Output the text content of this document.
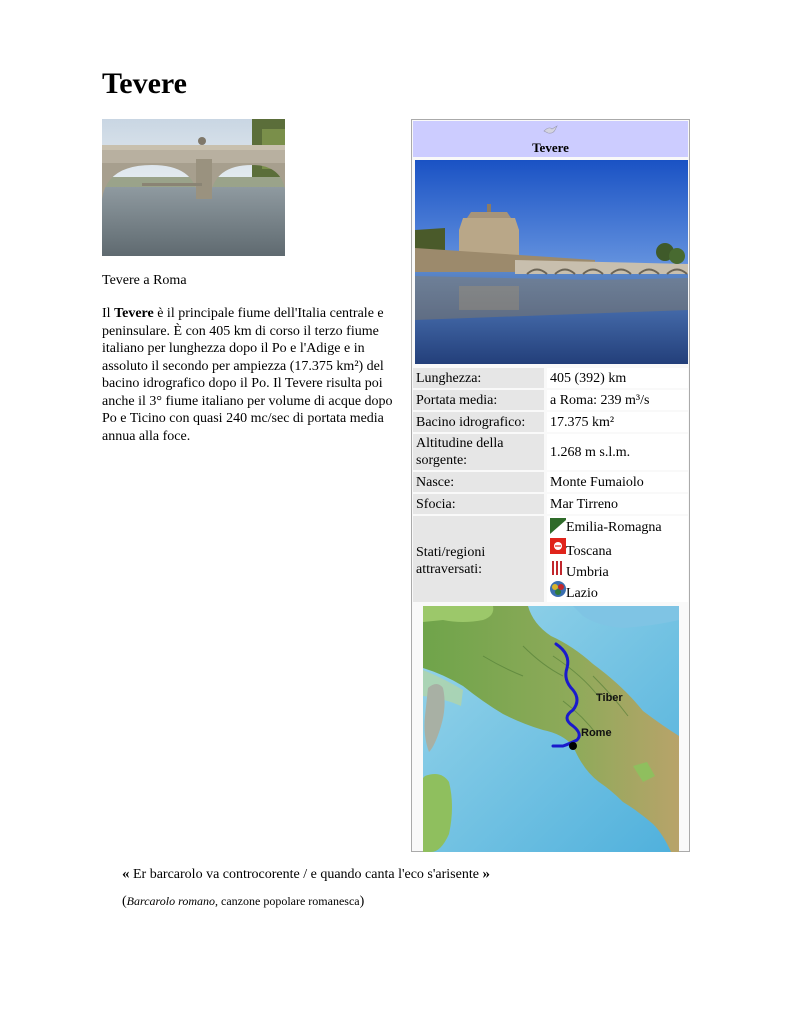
Tevere
Tevere a Roma

Il Tevere è il principale fiume dell'Italia centrale e peninsulare. È con 405 km di corso il terzo fiume italiano per lunghezza dopo il Po e l'Adige e in assoluto il secondo per ampiezza (17.375 km²) del bacino idrografico dopo il Po. Il Tevere risulta poi anche il 3° fiume italiano per volume di acque dopo Po e Ticino con quasi 240 mc/sec di portata media annua alla foce.

Tevere
Lunghezza:	405 (392) km
Portata media:	a Roma: 239 m³/s
Bacino idrografico: 17.375 km²
Altitudine della sorgente:
1.268 m s.l.m.
Nasce:	Monte Fumaiolo
Sfocia:	Mar Tirreno
Stati/regioni attraversati:
Emilia-Romagna
Toscana
Umbria
Lazio
Tiber
Rome
« Er barcarolo va controcorente / e quando canta l'eco s'arisente »
(Barcarolo romano, canzone popolare romanesca)
